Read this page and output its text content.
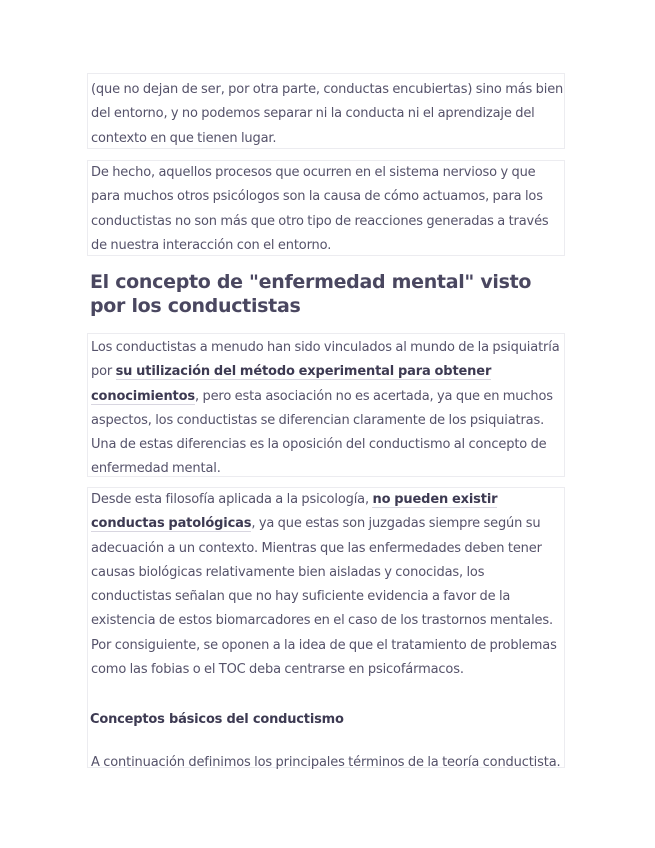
(que no dejan de ser, por otra parte, conductas encubiertas) sino más bien del entorno, y no podemos separar ni la conducta ni el aprendizaje del contexto en que tienen lugar.

De hecho, aquellos procesos que ocurren en el sistema nervioso y que para muchos otros psicólogos son la causa de cómo actuamos, para los conductistas no son más que otro tipo de reacciones generadas a través de nuestra interacción con el entorno.

El concepto de "enfermedad mental" visto por los conductistas

Los conductistas a menudo han sido vinculados al mundo de la psiquiatría por su utilización del método experimental para obtener conocimientos, pero esta asociación no es acertada, ya que en muchos aspectos, los conductistas se diferencian claramente de los psiquiatras. Una de estas diferencias es la oposición del conductismo al concepto de enfermedad mental.

Desde esta filosofía aplicada a la psicología, no pueden existir conductas patológicas, ya que estas son juzgadas siempre según su adecuación a un contexto. Mientras que las enfermedades deben tener causas biológicas relativamente bien aisladas y conocidas, los conductistas señalan que no hay suficiente evidencia a favor de la existencia de estos biomarcadores en el caso de los trastornos mentales. Por consiguiente, se oponen a la idea de que el tratamiento de problemas como las fobias o el TOC deba centrarse en psicofármacos.

A continuación definimos los principales términos de la teoría conductista.

Conceptos básicos del conductismo
